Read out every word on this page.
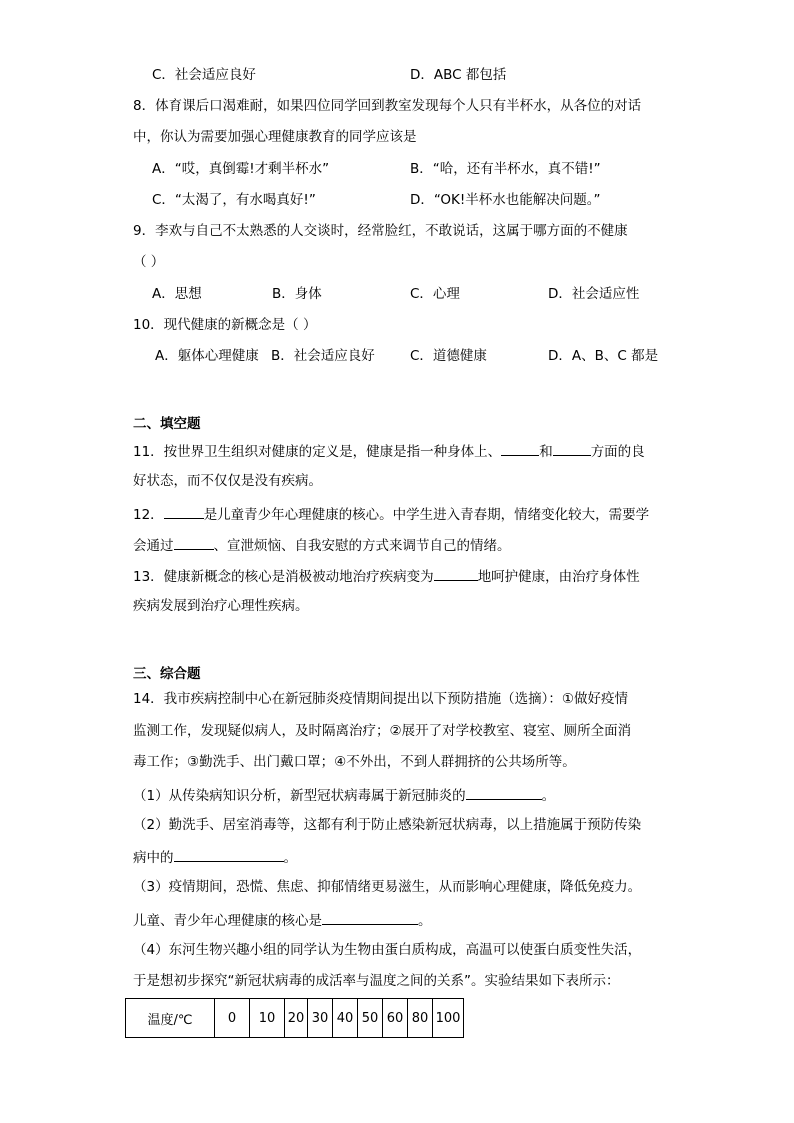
C．社会适应良好	D．ABC 都包括
8．体育课后口渴难耐，如果四位同学回到教室发现每个人只有半杯水，从各位的对话
中，你认为需要加强心理健康教育的同学应该是
A．“哎，真倒霉!才剩半杯水”	B．“哈，还有半杯水，真不错!”
C．“太渴了，有水喝真好!”	D．“OK!半杯水也能解决问题。”
9．李欢与自己不太熟悉的人交谈时，经常脸红，不敢说话，这属于哪方面的不健康
（ ）
A．思想	B．身体	C．心理	D．社会适应性
10．现代健康的新概念是（ ）
A．躯体心理健康 B．社会适应良好	C．道德健康	D．A、B、C 都是
二、填空题
11．按世界卫生组织对健康的定义是，健康是指一种身体上、	和	方面的良
好状态，而不仅仅是没有疾病。
12．	是儿童青少年心理健康的核心。中学生进入青春期，情绪变化较大，需要学
会通过	、宣泄烦恼、自我安慰的方式来调节自己的情绪。
13．健康新概念的核心是消极被动地治疗疾病变为	地呵护健康，由治疗身体性
疾病发展到治疗心理性疾病。
三、综合题
14．我市疾病控制中心在新冠肺炎疫情期间提出以下预防措施（选摘）：①做好疫情
监测工作，发现疑似病人，及时隔离治疗；②展开了对学校教室、寝室、厕所全面消
毒工作；③勤洗手、出门戴口罩；④不外出，不到人群拥挤的公共场所等。
（1）从传染病知识分析，新型冠状病毒属于新冠肺炎的	。
（2）勤洗手、居室消毒等，这都有利于防止感染新冠状病毒，以上措施属于预防传染
病中的	。
（3）疫情期间，恐慌、焦虑、抑郁情绪更易滋生，从而影响心理健康，降低免疫力。
儿童、青少年心理健康的核心是	。
（4）东河生物兴趣小组的同学认为生物由蛋白质构成，高温可以使蛋白质变性失活，
于是想初步探究“新冠状病毒的成活率与温度之间的关系”。实验结果如下表所示：
温度/℃	0	10	20	30	40	50	60	80	100
